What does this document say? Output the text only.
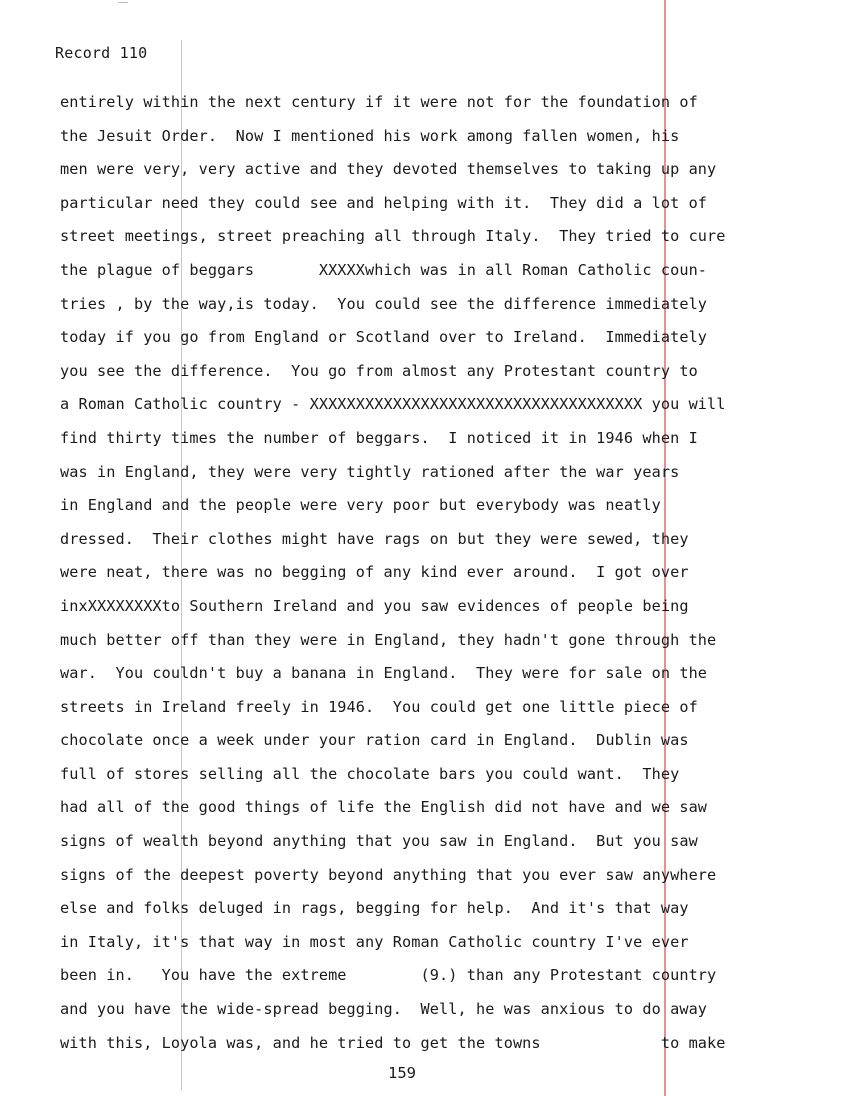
Record 110
entirely within the next century if it were not for the foundation of
the Jesuit Order.  Now I mentioned his work among fallen women, his
men were very, very active and they devoted themselves to taking up any
particular need they could see and helping with it.  They did a lot of
street meetings, street preaching all through Italy.  They tried to cure
the plague of beggars       XXXXXwhich was in all Roman Catholic coun-
tries , by the way,is today.  You could see the difference immediately
today if you go from England or Scotland over to Ireland.  Immediately
you see the difference.  You go from almost any Protestant country to
a Roman Catholic country - XXXXXXXXXXXXXXXXXXXXXXXXXXXXXXXXXXXX you will
find thirty times the number of beggars.  I noticed it in 1946 when I
was in England, they were very tightly rationed after the war years
in England and the people were very poor but everybody was neatly
dressed.  Their clothes might have rags on but they were sewed, they
were neat, there was no begging of any kind ever around.  I got over
inxXXXXXXXXto Southern Ireland and you saw evidences of people being
much better off than they were in England, they hadn't gone through the
war.  You couldn't buy a banana in England.  They were for sale on the
streets in Ireland freely in 1946.  You could get one little piece of
chocolate once a week under your ration card in England.  Dublin was
full of stores selling all the chocolate bars you could want.  They
had all of the good things of life the English did not have and we saw
signs of wealth beyond anything that you saw in England.  But you saw
signs of the deepest poverty beyond anything that you ever saw anywhere
else and folks deluged in rags, begging for help.  And it's that way
in Italy, it's that way in most any Roman Catholic country I've ever
been in.   You have the extreme        (9.) than any Protestant country
and you have the wide-spread begging.  Well, he was anxious to do away
with this, Loyola was, and he tried to get the towns             to make
159
